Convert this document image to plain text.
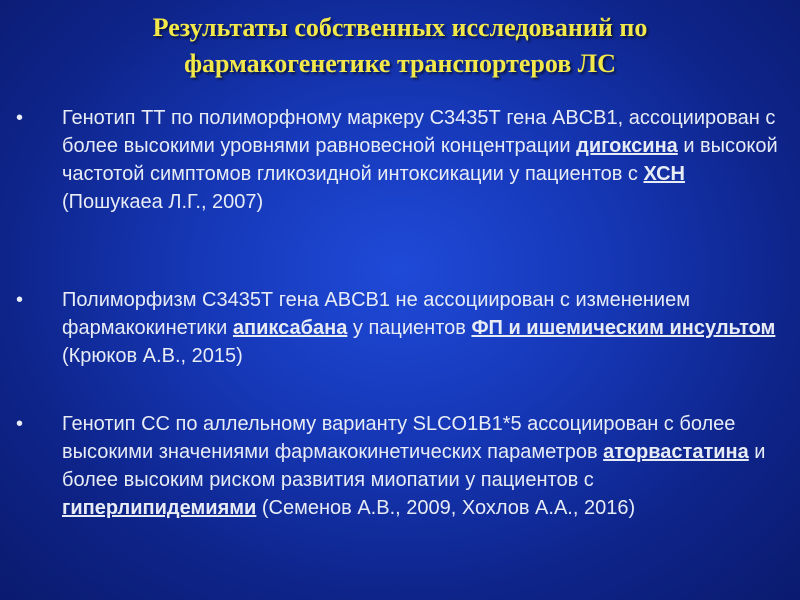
Результаты собственных исследований по
фармакогенетике транспортеров ЛС
• Генотип ТТ по полиморфному маркеру С3435Т гена ABCB1, ассоциирован с более высокими уровнями равновесной концентрации дигоксина и высокой частотой симптомов гликозидной интоксикации у пациентов с ХСН (Пошукаеа Л.Г., 2007)
• Полиморфизм С3435Т гена ABCB1 не ассоциирован с изменением фармакокинетики апиксабана у пациентов ФП и ишемическим инсультом (Крюков А.В., 2015)
• Генотип СС по аллельному варианту SLCO1B1*5 ассоциирован с более высокими значениями фармакокинетических параметров аторвастатина и более высоким риском развития миопатии у пациентов с гиперлипидемиями (Семенов А.В., 2009, Хохлов А.А., 2016)
